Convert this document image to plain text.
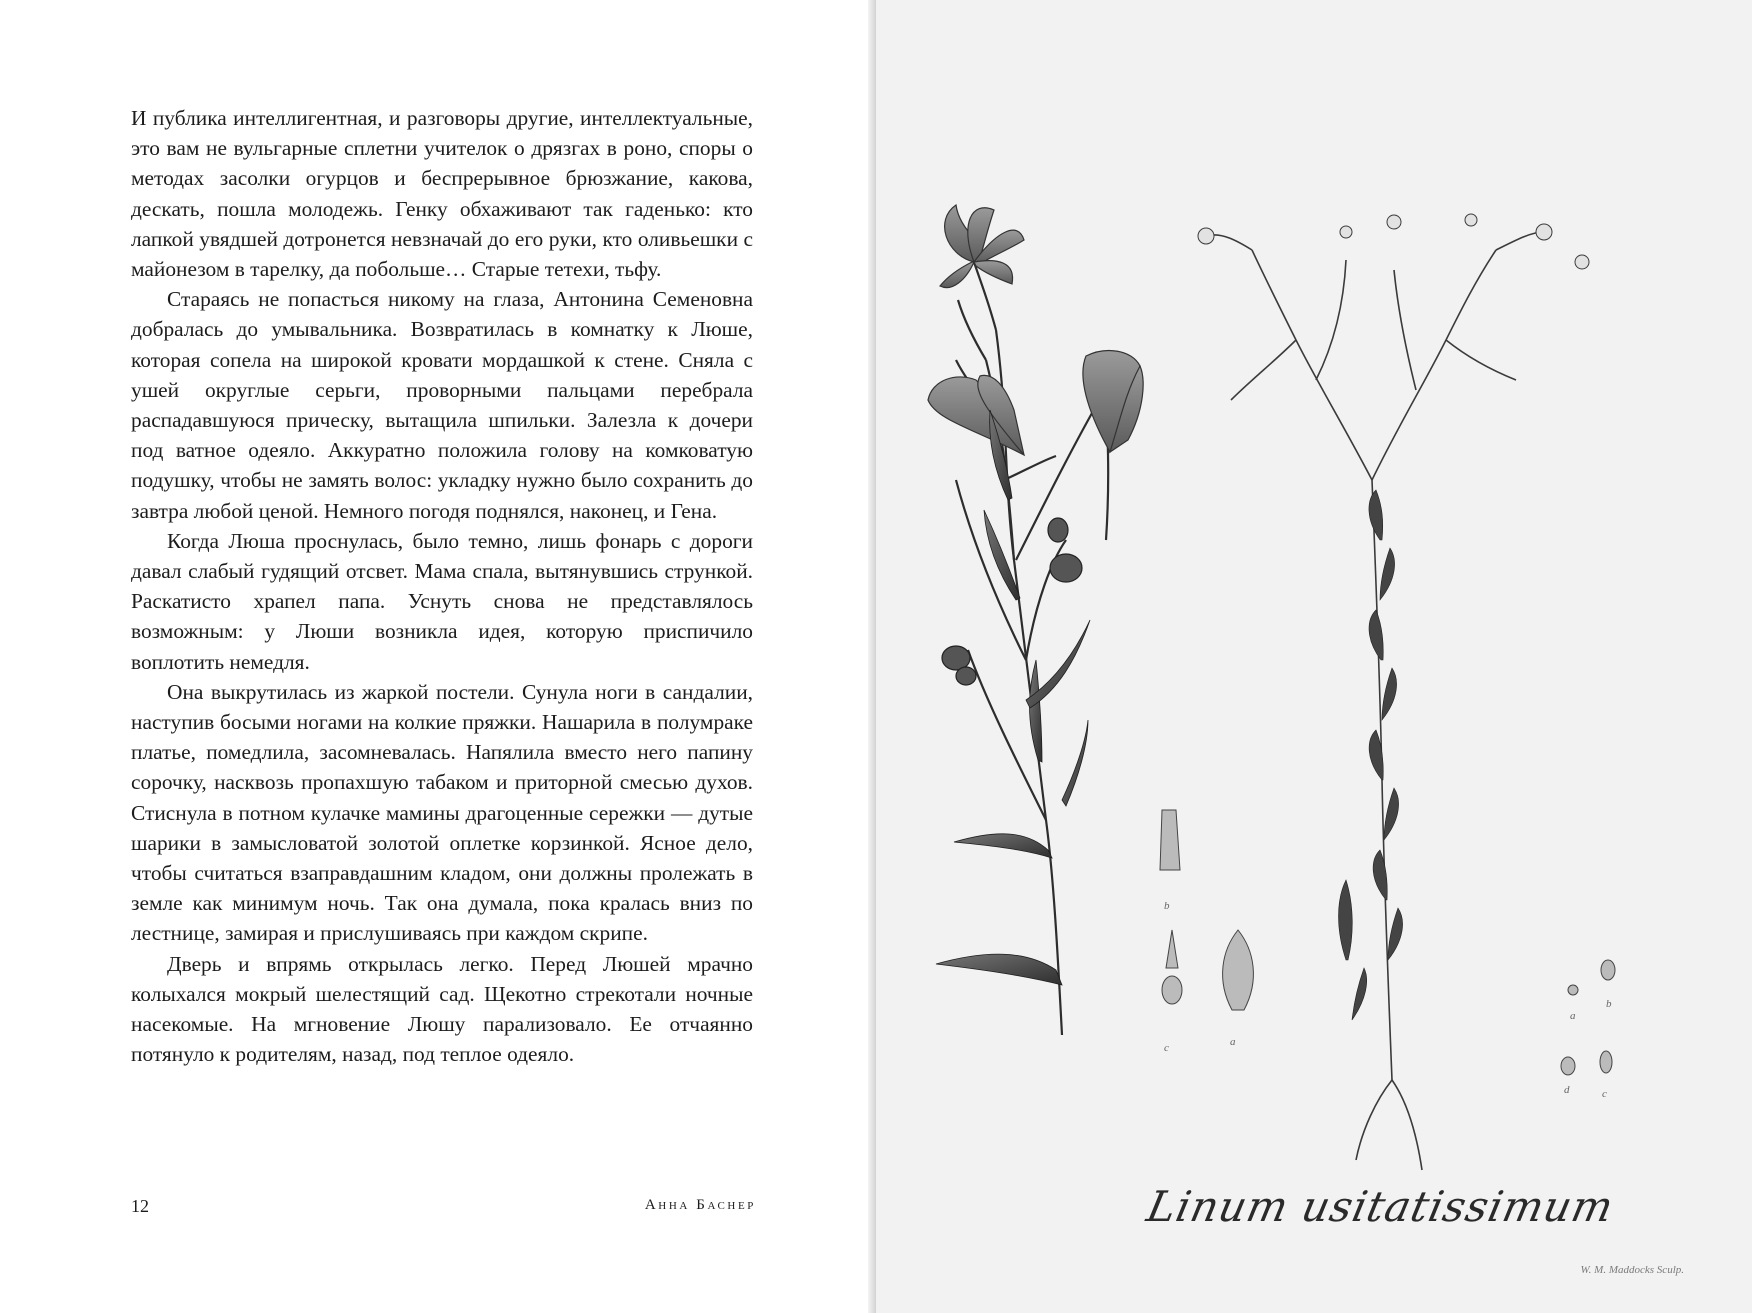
И публика интеллигентная, и разговоры другие, интеллектуальные, это вам не вульгарные сплетни учителок о дрязгах в роно, споры о методах засолки огурцов и беспрерывное брюзжание, какова, дескать, пошла молодежь. Генку обхаживают так гаденько: кто лапкой увядшей дотронется невзначай до его руки, кто оливьешки с майонезом в тарелку, да побольше… Старые тетехи, тьфу.

Стараясь не попасться никому на глаза, Антонина Семеновна добралась до умывальника. Возвратилась в комнатку к Люше, которая сопела на широкой кровати мордашкой к стене. Сняла с ушей округлые серьги, проворными пальцами перебрала распадавшуюся прическу, вытащила шпильки. Залезла к дочери под ватное одеяло. Аккуратно положила голову на комковатую подушку, чтобы не замять волос: укладку нужно было сохранить до завтра любой ценой. Немного погодя поднялся, наконец, и Гена.

Когда Люша проснулась, было темно, лишь фонарь с дороги давал слабый гудящий отсвет. Мама спала, вытянувшись стрункой. Раскатисто храпел папа. Уснуть снова не представлялось возможным: у Люши возникла идея, которую приспичило воплотить немедля.

Она выкрутилась из жаркой постели. Сунула ноги в сандалии, наступив босыми ногами на колкие пряжки. Нашарила в полумраке платье, помедлила, засомневалась. Напялила вместо него папину сорочку, насквозь пропахшую табаком и приторной смесью духов. Стиснула в потном кулачке мамины драгоценные сережки — дутые шарики в замысловатой золотой оплетке корзинкой. Ясное дело, чтобы считаться взаправдашним кладом, они должны пролежать в земле как минимум ночь. Так она думала, пока кралась вниз по лестнице, замирая и прислушиваясь при каждом скрипе.

Дверь и впрямь открылась легко. Перед Люшей мрачно колыхался мокрый шелестящий сад. Щекотно стрекотали ночные насекомые. На мгновение Люшу парализовало. Ее отчаянно потянуло к родителям, назад, под теплое одеяло.

12	Анна Баснер
b
c	a
a
b
d	c
Linum usitatissimum
W. M. Maddocks Sculp.
